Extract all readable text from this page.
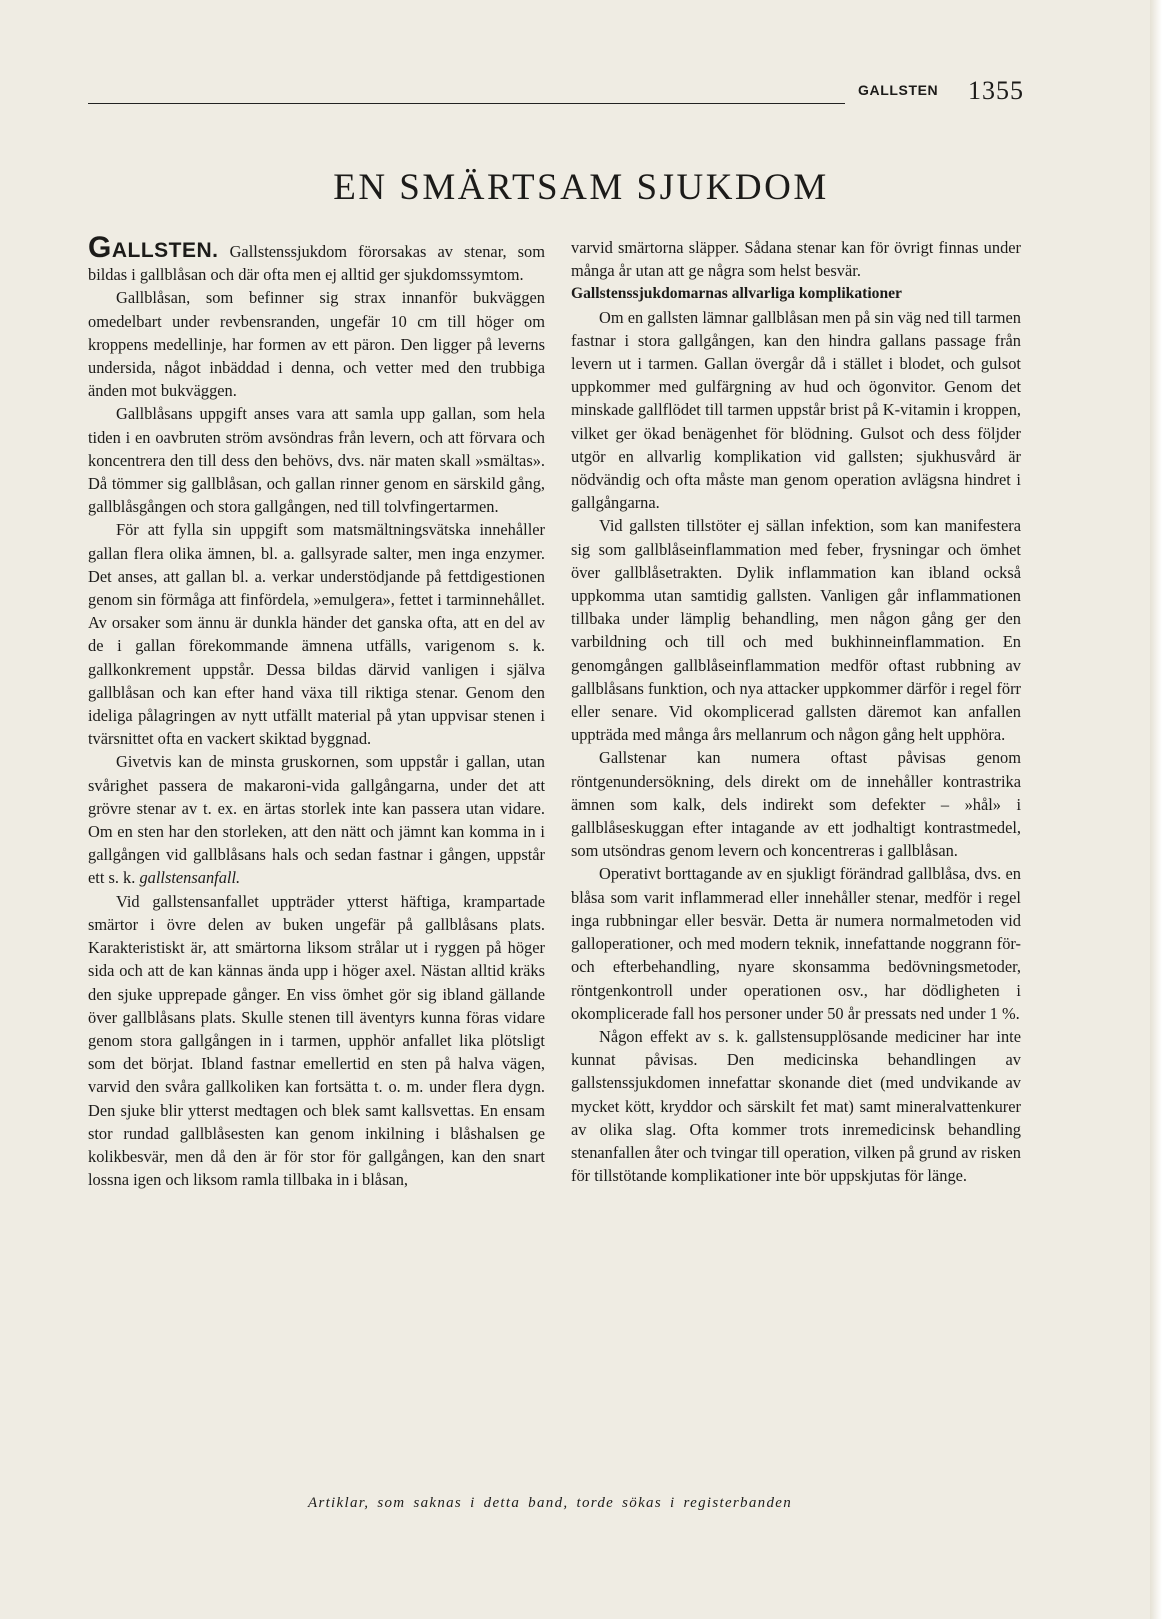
GALLSTEN 1355
EN SMÄRTSAM SJUKDOM

GALLSTEN. Gallstenssjukdom förorsakas av stenar, som bildas i gallblåsan och där ofta men ej alltid ger sjukdomssymtom.

Gallblåsan, som befinner sig strax innanför bukväggen omedelbart under revbensranden, ungefär 10 cm till höger om kroppens medellinje, har formen av ett päron. Den ligger på leverns undersida, något inbäddad i denna, och vetter med den trubbiga änden mot bukväggen.

Gallblåsans uppgift anses vara att samla upp gallan, som hela tiden i en oavbruten ström avsöndras från levern, och att förvara och koncentrera den till dess den behövs, dvs. när maten skall »smältas». Då tömmer sig gallblåsan, och gallan rinner genom en särskild gång, gallblåsgången och stora gallgången, ned till tolvfingertarmen.

För att fylla sin uppgift som matsmältningsvätska innehåller gallan flera olika ämnen, bl. a. gallsyrade salter, men inga enzymer. Det anses, att gallan bl. a. verkar understödjande på fettdigestionen genom sin förmåga att finfördela, »emulgera», fettet i tarminnehållet. Av orsaker som ännu är dunkla händer det ganska ofta, att en del av de i gallan förekommande ämnena utfälls, varigenom s. k. gallkonkrement uppstår. Dessa bildas därvid vanligen i själva gallblåsan och kan efter hand växa till riktiga stenar. Genom den ideliga pålagringen av nytt utfällt material på ytan uppvisar stenen i tvärsnittet ofta en vackert skiktad byggnad.

Givetvis kan de minsta gruskornen, som uppstår i gallan, utan svårighet passera de makaroni-vida gallgångarna, under det att grövre stenar av t. ex. en ärtas storlek inte kan passera utan vidare. Om en sten har den storleken, att den nätt och jämnt kan komma in i gallgången vid gallblåsans hals och sedan fastnar i gången, uppstår ett s. k. gallstensanfall.

Vid gallstensanfallet uppträder ytterst häftiga, krampartade smärtor i övre delen av buken ungefär på gallblåsans plats. Karakteristiskt är, att smärtorna liksom strålar ut i ryggen på höger sida och att de kan kännas ända upp i höger axel. Nästan alltid kräks den sjuke upprepade gånger. En viss ömhet gör sig ibland gällande över gallblåsans plats. Skulle stenen till äventyrs kunna föras vidare genom stora gallgången in i tarmen, upphör anfallet lika plötsligt som det börjat. Ibland fastnar emellertid en sten på halva vägen, varvid den svåra gallkoliken kan fortsätta t. o. m. under flera dygn. Den sjuke blir ytterst medtagen och blek samt kallsvettas. En ensam stor rundad gallblåsesten kan genom inkilning i blåshalsen ge kolikbesvär, men då den är för stor för gallgången, kan den snart lossna igen och liksom ramla tillbaka in i blåsan,

varvid smärtorna släpper. Sådana stenar kan för övrigt finnas under många år utan att ge några som helst besvär.

Gallstenssjukdomarnas allvarliga komplikationer

Om en gallsten lämnar gallblåsan men på sin väg ned till tarmen fastnar i stora gallgången, kan den hindra gallans passage från levern ut i tarmen. Gallan övergår då i stället i blodet, och gulsot uppkommer med gulfärgning av hud och ögonvitor. Genom det minskade gallflödet till tarmen uppstår brist på K-vitamin i kroppen, vilket ger ökad benägenhet för blödning. Gulsot och dess följder utgör en allvarlig komplikation vid gallsten; sjukhusvård är nödvändig och ofta måste man genom operation avlägsna hindret i gallgångarna.

Vid gallsten tillstöter ej sällan infektion, som kan manifestera sig som gallblåseinflammation med feber, frysningar och ömhet över gallblåsetrakten. Dylik inflammation kan ibland också uppkomma utan samtidig gallsten. Vanligen går inflammationen tillbaka under lämplig behandling, men någon gång ger den varbildning och till och med bukhinneinflammation. En genomgången gallblåseinflammation medför oftast rubbning av gallblåsans funktion, och nya attacker uppkommer därför i regel förr eller senare. Vid okomplicerad gallsten däremot kan anfallen uppträda med många års mellanrum och någon gång helt upphöra.

Gallstenar kan numera oftast påvisas genom röntgenundersökning, dels direkt om de innehåller kontrastrika ämnen som kalk, dels indirekt som defekter – »hål» i gallblåseskuggan efter intagande av ett jodhaltigt kontrastmedel, som utsöndras genom levern och koncentreras i gallblåsan.

Operativt borttagande av en sjukligt förändrad gallblåsa, dvs. en blåsa som varit inflammerad eller innehåller stenar, medför i regel inga rubbningar eller besvär. Detta är numera normalmetoden vid galloperationer, och med modern teknik, innefattande noggrann för- och efterbehandling, nyare skonsamma bedövningsmetoder, röntgenkontroll under operationen osv., har dödligheten i okomplicerade fall hos personer under 50 år pressats ned under 1 %.

Någon effekt av s. k. gallstensupplösande mediciner har inte kunnat påvisas. Den medicinska behandlingen av gallstenssjukdomen innefattar skonande diet (med undvikande av mycket kött, kryddor och särskilt fet mat) samt mineralvattenkurer av olika slag. Ofta kommer trots inremedicinsk behandling stenanfallen åter och tvingar till operation, vilken på grund av risken för tillstötande komplikationer inte bör uppskjutas för länge.

Artiklar, som saknas i detta band, torde sökas i registerbanden
